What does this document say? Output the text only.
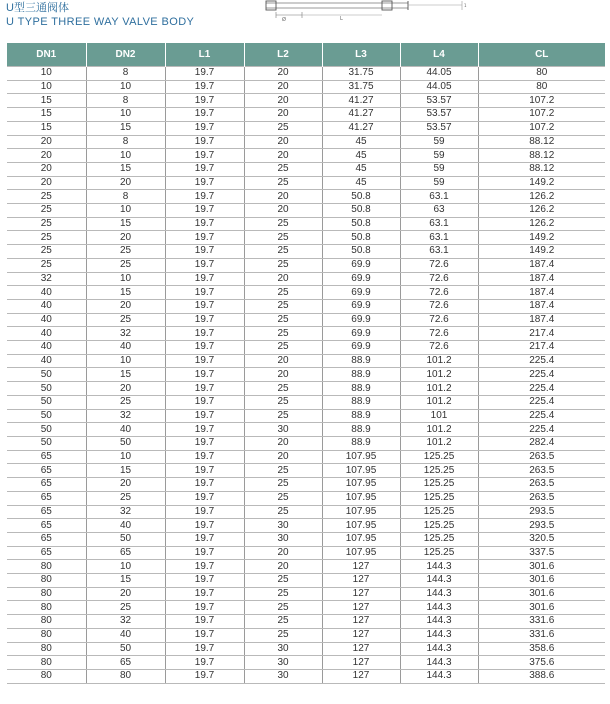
U型三通阀体
U TYPE THREE WAY VALVE BODY	Ø	L
1
DN1	DN2	L1	L2	L3	L4	CL
10	8	19.7	20	31.75	44.05	80
10	10	19.7	20	31.75	44.05	80
15	8	19.7	20	41.27	53.57	107.2
15	10	19.7	20	41.27	53.57	107.2
15	15	19.7	25	41.27	53.57	107.2
20	8	19.7	20	45	59	88.12
20	10	19.7	20	45	59	88.12
20	15	19.7	25	45	59	88.12
20	20	19.7	25	45	59	149.2
25	8	19.7	20	50.8	63.1	126.2
25	10	19.7	20	50.8	63	126.2
25	15	19.7	25	50.8	63.1	126.2
25	20	19.7	25	50.8	63.1	149.2
25	25	19.7	25	50.8	63.1	149.2
25	25	19.7	25	69.9	72.6	187.4
32	10	19.7	20	69.9	72.6	187.4
40	15	19.7	25	69.9	72.6	187.4
40	20	19.7	25	69.9	72.6	187.4
40	25	19.7	25	69.9	72.6	187.4
40	32	19.7	25	69.9	72.6	217.4
40	40	19.7	25	69.9	72.6	217.4
40	10	19.7	20	88.9	101.2	225.4
50	15	19.7	20	88.9	101.2	225.4
50	20	19.7	25	88.9	101.2	225.4
50	25	19.7	25	88.9	101.2	225.4
50	32	19.7	25	88.9	101	225.4
50	40	19.7	30	88.9	101.2	225.4
50	50	19.7	20	88.9	101.2	282.4
65	10	19.7	20	107.95	125.25	263.5
65	15	19.7	25	107.95	125.25	263.5
65	20	19.7	25	107.95	125.25	263.5
65	25	19.7	25	107.95	125.25	263.5
65	32	19.7	25	107.95	125.25	293.5
65	40	19.7	30	107.95	125.25	293.5
65	50	19.7	30	107.95	125.25	320.5
65	65	19.7	20	107.95	125.25	337.5
80	10	19.7	20	127	144.3	301.6
80	15	19.7	25	127	144.3	301.6
80	20	19.7	25	127	144.3	301.6
80	25	19.7	25	127	144.3	301.6
80	32	19.7	25	127	144.3	331.6
80	40	19.7	25	127	144.3	331.6
80	50	19.7	30	127	144.3	358.6
80	65	19.7	30	127	144.3	375.6
80	80	19.7	30	127	144.3	388.6
